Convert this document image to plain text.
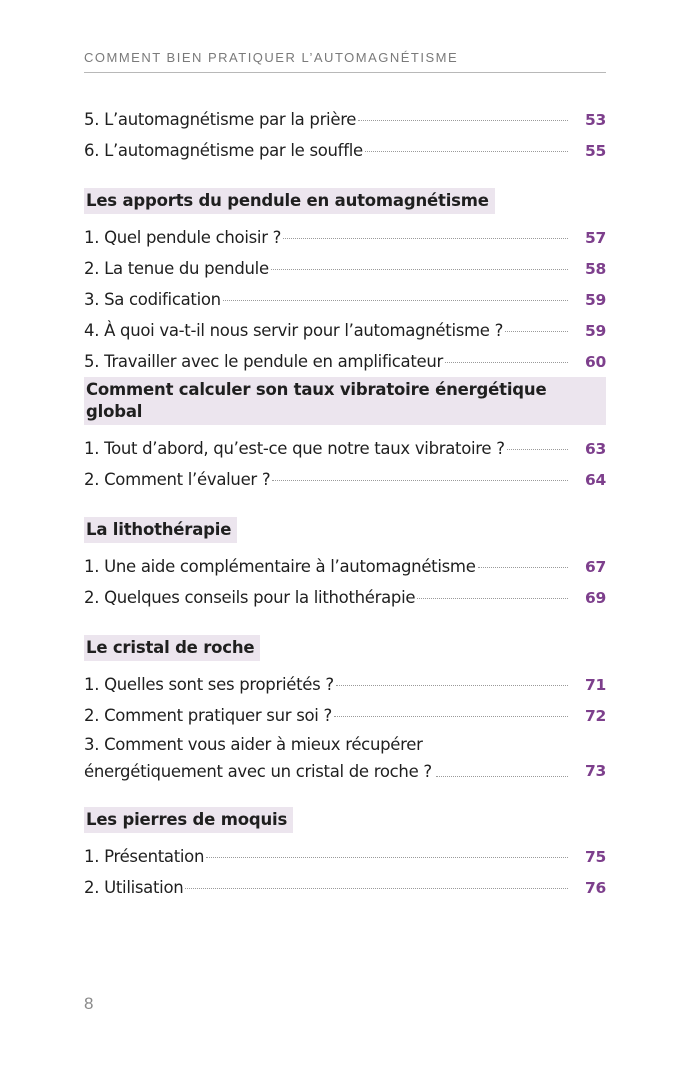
COMMENT BIEN PRATIQUER L’AUTOMAGNÉTISME
5. L’automagnétisme par la prière	53
6. L’automagnétisme par le souffle	55
Les apports du pendule en automagnétisme
1. Quel pendule choisir ?	57
2. La tenue du pendule	58
3. Sa codification	59
4. À quoi va-t-il nous servir pour l’automagnétisme ?	59
5. Travailler avec le pendule en amplificateur	60
Comment calculer son taux vibratoire énergétique global
1. Tout d’abord, qu’est-ce que notre taux vibratoire ?	63
2. Comment l’évaluer ?	64
La lithothérapie
1. Une aide complémentaire à l’automagnétisme	67
2. Quelques conseils pour la lithothérapie	69
Le cristal de roche
1. Quelles sont ses propriétés ?	71
2. Comment pratiquer sur soi ?	72
3. Comment vous aider à mieux récupérer énergétiquement avec un cristal de roche ?	73
Les pierres de moquis
1. Présentation	75
2. Utilisation	76
8
